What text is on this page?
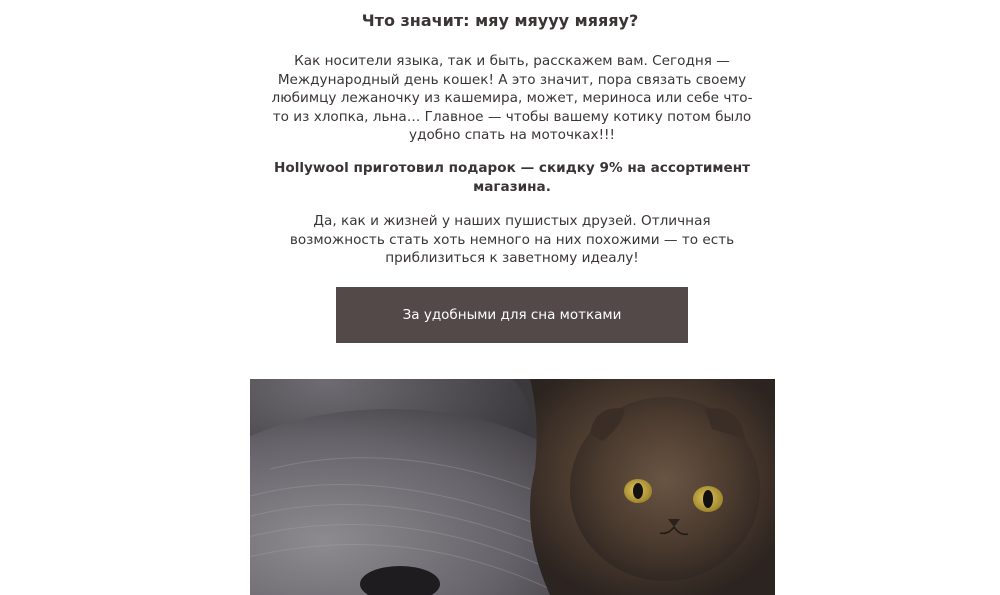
Что значит: мяу мяууу мяяяу?

Как носители языка, так и быть, расскажем вам. Сегодня — Международный день кошек! А это значит, пора связать своему любимцу лежаночку из кашемира, может, мериноса или себе что-то из хлопка, льна… Главное — чтобы вашему котику потом было удобно спать на моточках!!!

Hollywool приготовил подарок — скидку 9% на ассортимент магазина.

Да, как и жизней у наших пушистых друзей. Отличная возможность стать хоть немного на них похожими — то есть приблизиться к заветному идеалу!

За удобными для сна мотками
